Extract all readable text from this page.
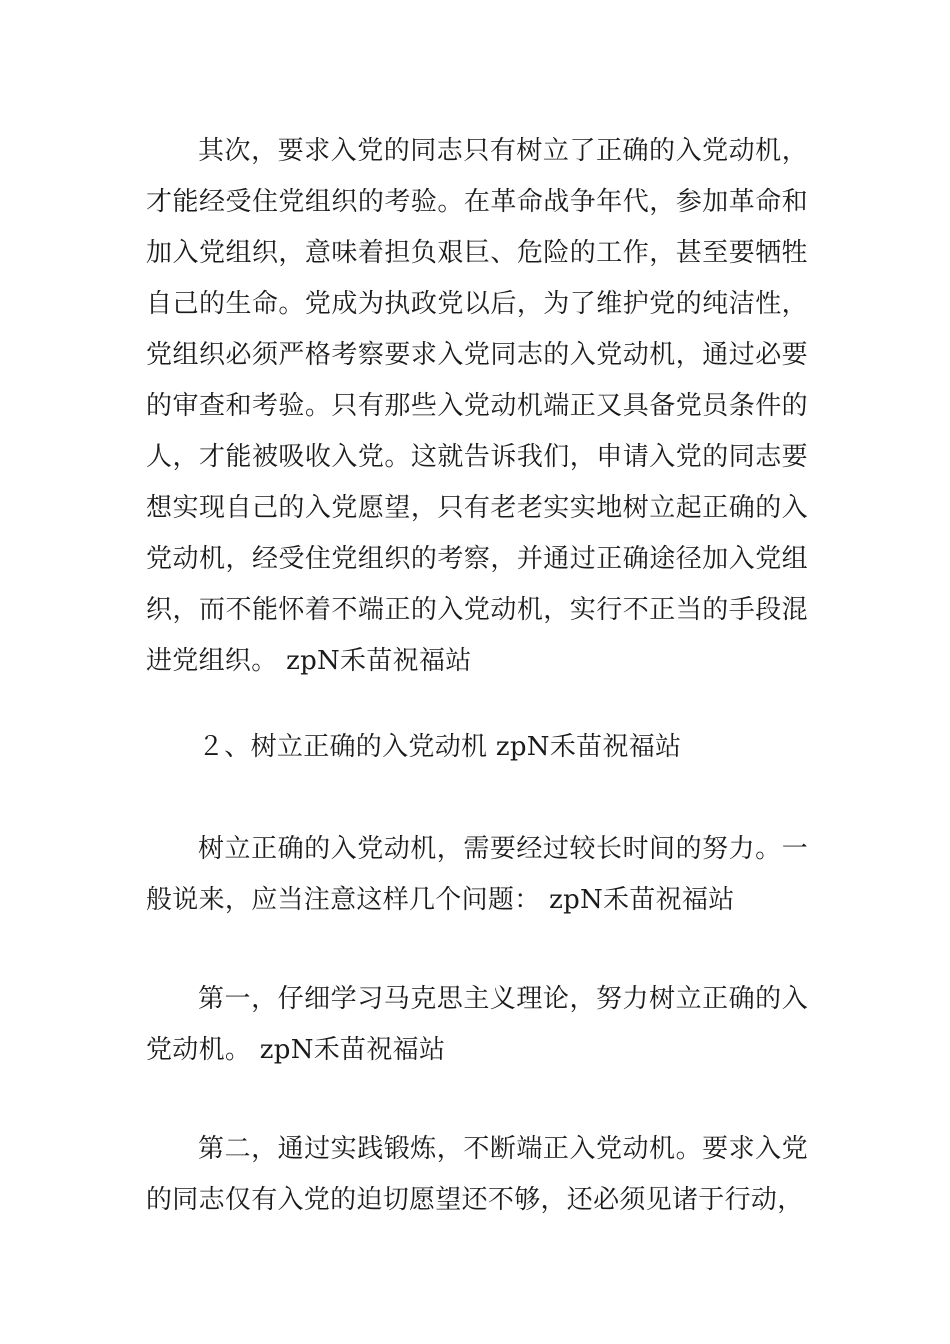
其次，要求入党的同志只有树立了正确的入党动机，才能经受住党组织的考验。在革命战争年代，参加革命和加入党组织，意味着担负艰巨、危险的工作，甚至要牺牲自己的生命。党成为执政党以后，为了维护党的纯洁性，党组织必须严格考察要求入党同志的入党动机，通过必要的审查和考验。只有那些入党动机端正又具备党员条件的人，才能被吸收入党。这就告诉我们，申请入党的同志要想实现自己的入党愿望，只有老老实实地树立起正确的入党动机，经受住党组织的考察，并通过正确途径加入党组织，而不能怀着不端正的入党动机，实行不正当的手段混进党组织。 zpN禾苗祝福站

２、树立正确的入党动机 zpN禾苗祝福站

树立正确的入党动机，需要经过较长时间的努力。一般说来，应当注意这样几个问题： zpN禾苗祝福站

第一，仔细学习马克思主义理论，努力树立正确的入党动机。 zpN禾苗祝福站

第二，通过实践锻炼，不断端正入党动机。要求入党的同志仅有入党的迫切愿望还不够，还必须见诸于行动，
